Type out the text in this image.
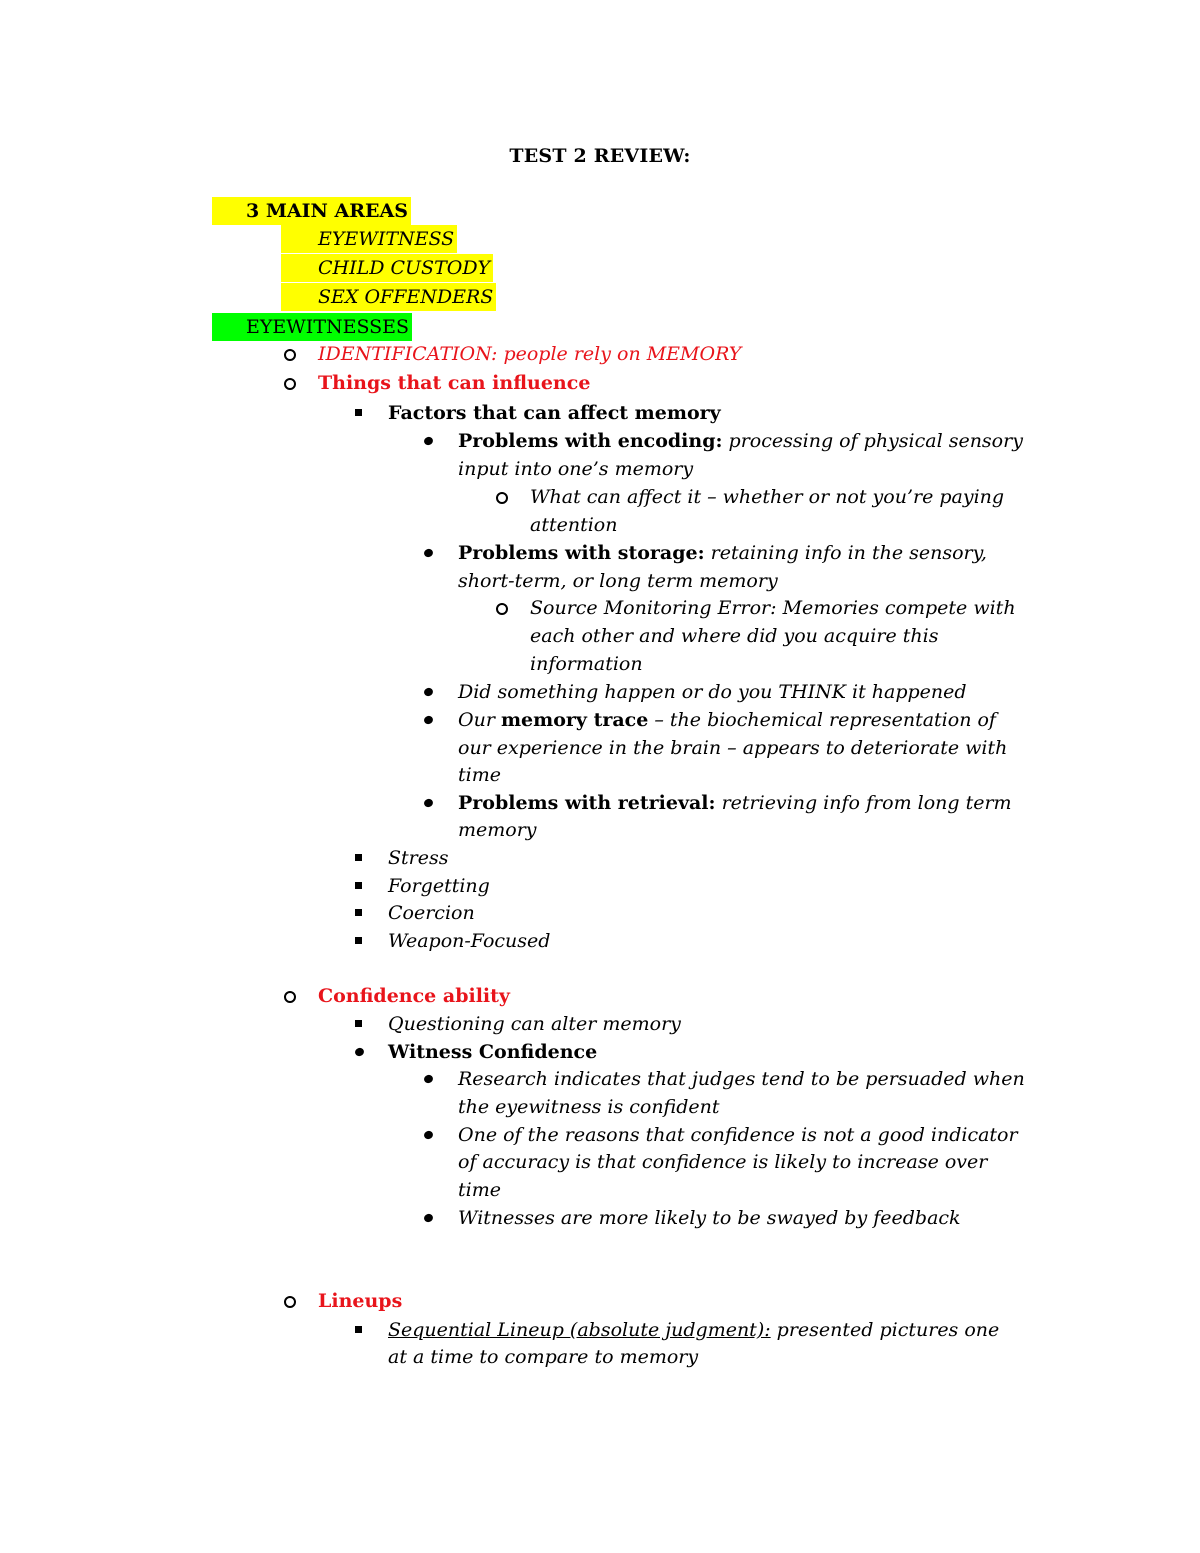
TEST 2 REVIEW:
3 MAIN AREAS
EYEWITNESS
CHILD CUSTODY
SEX OFFENDERS
EYEWITNESSES
IDENTIFICATION: people rely on MEMORY
Things that can influence
Factors that can affect memory
Problems with encoding: processing of physical sensory
input into one’s memory
What can affect it – whether or not you’re paying
attention
Problems with storage: retaining info in the sensory,
short-term, or long term memory
Source Monitoring Error: Memories compete with
each other and where did you acquire this
information
Did something happen or do you THINK it happened
Our memory trace – the biochemical representation of
our experience in the brain – appears to deteriorate with
time
Problems with retrieval: retrieving info from long term
memory
Stress
Forgetting
Coercion
Weapon-Focused
Confidence ability
Questioning can alter memory
Witness Confidence
Research indicates that judges tend to be persuaded when
the eyewitness is confident
One of the reasons that confidence is not a good indicator
of accuracy is that confidence is likely to increase over
time
Witnesses are more likely to be swayed by feedback
Lineups
Sequential Lineup (absolute judgment): presented pictures one
at a time to compare to memory
